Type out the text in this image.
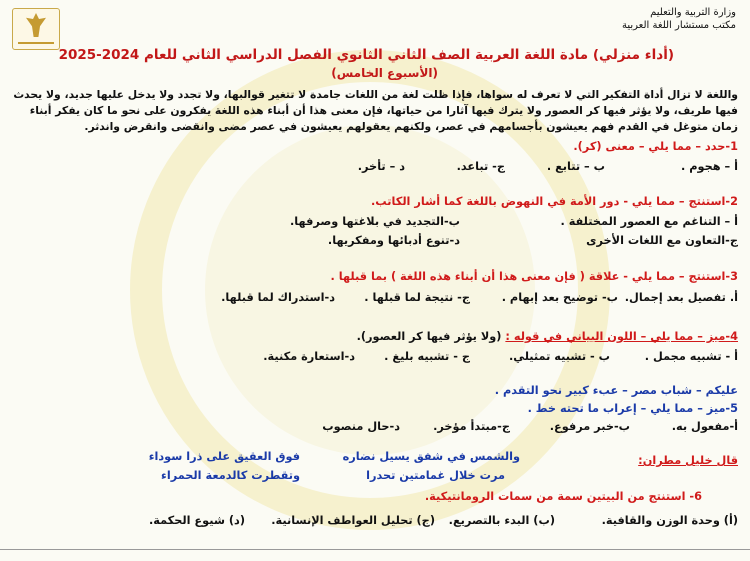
وزارة التربية والتعليم
مكتب مستشار اللغة العربية
(أداء منزلي) مادة اللغة العربية الصف الثاني الثانوي الفصل الدراسي الثاني للعام 2024-2025
(الأسبوع الخامس)
واللغة لا تزال أداة التفكير التي لا تعرف له سواها، فإذا ظلت لغة من اللغات جامدة لا تتغير قوالبها، ولا تجدد ولا يدخل عليها جديد، ولا يحدث
فيها طريف، ولا يؤثر فيها كر العصور ولا يترك فيها آثارا من حياتها، فإن معنى هذا أن أبناء هذه اللغة يفكرون على نحو ما كان يفكر أبناء
زمان متوغل في القدم فهم يعيشون بأجسامهم في عصر، ولكنهم يعقولهم يعيشون في عصر مضى وانقضى وانقرض واندثر.
1-حدد – مما يلي – معنى (كر).
أ – هجوم .
ب – تتابع .
ج- تباعد.
د – تأخر.
2-استنتج – مما يلي - دور الأمة في النهوض باللغة كما أشار الكاتب.
أ – التناغم مع العصور المختلفة .
ب-التجديد في بلاغتها وصرفها.
ج-التعاون مع اللغات الأخرى
د-تنوع أدبائها ومفكريها.
3-استنتج – مما يلي - علاقة ( فإن معنى هذا أن أبناء هذه اللغة ) بما قبلها .
أ. تفصيل بعد إجمال.
ب- توضيح بعد إبهام .
ج- نتيجة لما قبلها .
د-استدراك لما قبلها.
4-ميز – مما يلي – اللون البياني في قوله : (ولا يؤثر فيها كر العصور).
أ - تشبيه مجمل .
ب - تشبيه تمثيلي.
ج - تشبيه بليغ .
د-استعارة مكنية.
عليكم – شباب مصر – عبء كبير نحو التقدم .
5-ميز – مما يلي – إعراب ما تحته خط .
أ-مفعول به.
ب-خبر مرفوع.
ج-مبتدأ مؤخر.
د-حال منصوب
قال خليل مطران:
والشمس في شفق يسيل نضاره
فوق العقيق على ذرا سوداء
مرت خلال غمامتين تحدرا
وتقطرت كالدمعة الحمراء
6- استنتج من البيتين سمة من سمات الرومانتيكية.
(أ) وحدة الوزن والقافية.
(ب) البدء بالتصريع.
(ج) تحليل العواطف الإنسانية.
(د) شيوع الحكمة.
